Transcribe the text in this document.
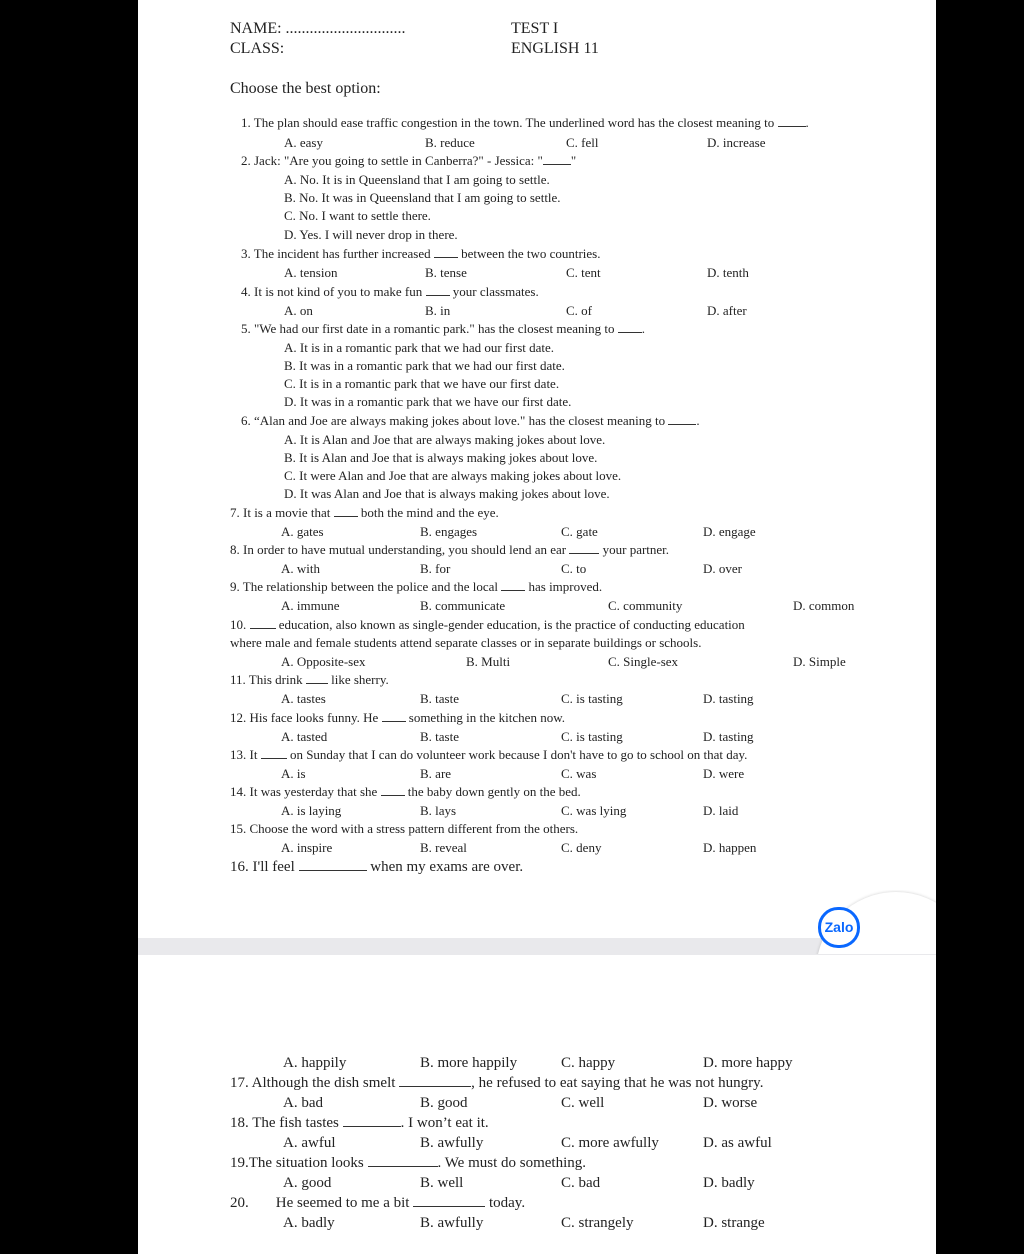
NAME: ..............................
CLASS:
TEST I
ENGLISH 11
Choose the best option:
1. The plan should ease traffic congestion in the town. The underlined word has the closest meaning to .
A. easy	B. reduce	C. fell	D. increase
2. Jack: "Are you going to settle in Canberra?" - Jessica: " "
A. No. It is in Queensland that I am going to settle.
B. No. It was in Queensland that I am going to settle.
C. No. I want to settle there.
D. Yes. I will never drop in there.
3. The incident has further increased between the two countries.
A. tension	B. tense	C. tent	D. tenth
4. It is not kind of you to make fun your classmates.
A. on	B. in	C. of	D. after
5. "We had our first date in a romantic park." has the closest meaning to .
A. It is in a romantic park that we had our first date.
B. It was in a romantic park that we had our first date.
C. It is in a romantic park that we have our first date.
D. It was in a romantic park that we have our first date.
6. “Alan and Joe are always making jokes about love." has the closest meaning to .
A. It is Alan and Joe that are always making jokes about love.
B. It is Alan and Joe that is always making jokes about love.
C. It were Alan and Joe that are always making jokes about love.
D. It was Alan and Joe that is always making jokes about love.
7. It is a movie that both the mind and the eye.
A. gates	B. engages	C. gate	D. engage
8. In order to have mutual understanding, you should lend an ear	your partner.
A. with	B. for	C. to	D. over
9. The relationship between the police and the local has improved.
A. immune	B. communicate	C. community	D. common
10.	education, also known as single-gender education, is the practice of conducting education
where male and female students attend separate classes or in separate buildings or schools.
A. Opposite-sex	B. Multi	C. Single-sex	D. Simple
11. This drink like sherry.
A. tastes	B. taste	C. is tasting	D. tasting
12. His face looks funny. He something in the kitchen now.
A. tasted	B. taste	C. is tasting	D. tasting
13. It	on Sunday that I can do volunteer work because I don't have to go to school on that day.
A. is	B. are	C. was	D. were
14. It was yesterday that she the baby down gently on the bed.
A. is laying	B. lays	C. was lying	D. laid
15. Choose the word with a stress pattern different from the others.
A. inspire	B. reveal	C. deny	D. happen
16. I'll feel	when my exams are over.
Zalo
A. happily	B. more happily	C. happy	D. more happy
17. Although the dish smelt	, he refused to eat saying that he was not hungry.
A. bad	B. good	C. well	D. worse
18. The fish tastes	. I won’t eat it.
A. awful	B. awfully	C. more awfully	D. as awful
19.The situation looks	. We must do something.
A. good	B. well	C. bad	D. badly
20. He seemed to me a bit	today.
A. badly	B. awfully	C. strangely	D. strange
